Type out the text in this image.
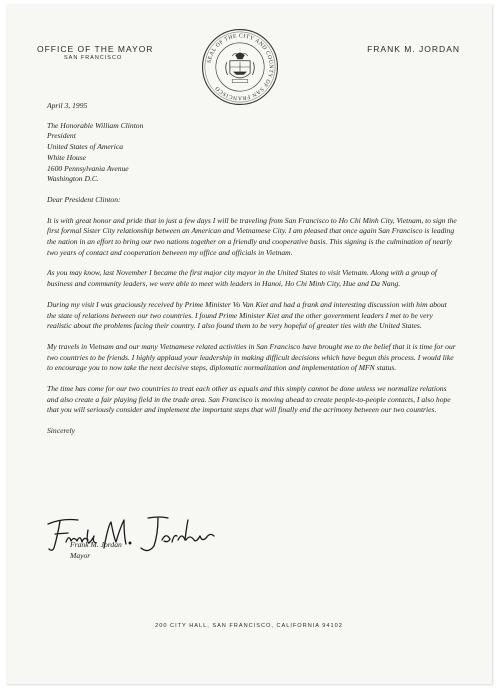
OFFICE OF THE MAYOR
SAN FRANCISCO
SEAL OF THE CITY AND COUNTY OF SAN FRANCISCO
FRANK M. JORDAN

April 3, 1995

The Honorable William Clinton

President

United States of America

White House

1600 Pennsylvania Avenue

Washington D.C.

Dear President Clinton:

It is with great honor and pride that in just a few days I will be traveling from San Francisco to Ho Chi Minh City, Vietnam, to sign the first formal Sister City relationship between an American and Vietnamese City. I am pleased that once again San Francisco is leading the nation in an effort to bring our two nations together on a friendly and cooperative basis. This signing is the culmination of nearly two years of contact and cooperation between my office and officials in Vietnam.

As you may know, last November I became the first major city mayor in the United States to visit Vietnam. Along with a group of business and community leaders, we were able to meet with leaders in Hanoi, Ho Chi Minh City, Hue and Da Nang.

During my visit I was graciously received by Prime Minister Vo Van Kiet and had a frank and interesting discussion with him about the state of relations between our two countries. I found Prime Minister Kiet and the other government leaders I met to be very realistic about the problems facing their country. I also found them to be very hopeful of greater ties with the United States.

My travels in Vietnam and our many Vietnamese related activities in San Francisco have brought me to the belief that it is time for our two countries to be friends. I highly applaud your leadership in making difficult decisions which have begun this process. I would like to encourage you to now take the next decisive steps, diplomatic normalization and implementation of MFN status.

The time has come for our two countries to treat each other as equals and this simply cannot be done unless we normalize relations and also create a fair playing field in the trade area. San Francisco is moving ahead to create people-to-people contacts, I also hope that you will seriously consider and implement the important steps that will finally end the acrimony between our two countries.

Sincerely

Frank M. Jordan
Mayor
200 CITY HALL, SAN FRANCISCO, CALIFORNIA 94102
